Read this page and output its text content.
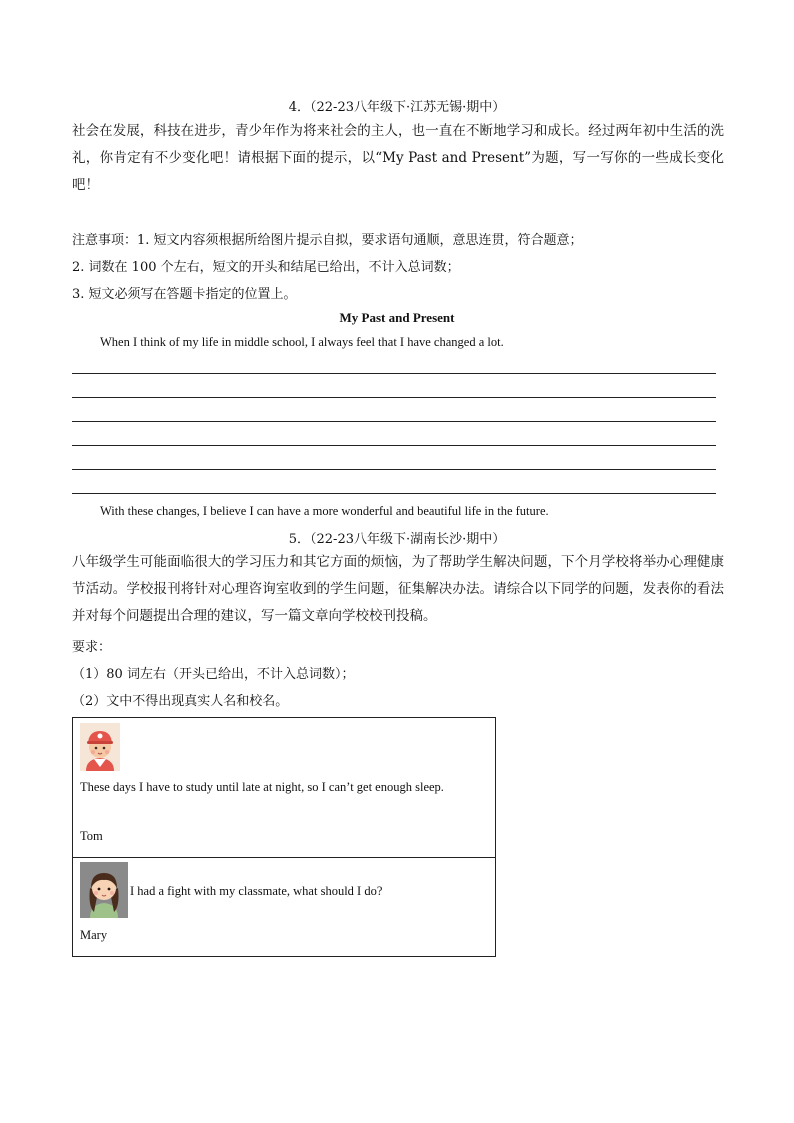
4．（22-23八年级下·江苏无锡·期中）
社会在发展，科技在进步，青少年作为将来社会的主人，也一直在不断地学习和成长。经过两年初中生活的洗礼，你肯定有不少变化吧！请根据下面的提示，以“My Past and Present”为题，写一写你的一些成长变化吧！
注意事项：1. 短文内容须根据所给图片提示自拟，要求语句通顺，意思连贯，符合题意；
2. 词数在 100 个左右，短文的开头和结尾已给出，不计入总词数；
3. 短文必须写在答题卡指定的位置上。
My Past and Present
When I think of my life in middle school, I always feel that I have changed a lot.
With these changes, I believe I can have a more wonderful and beautiful life in the future.
5．（22-23八年级下·湖南长沙·期中）
八年级学生可能面临很大的学习压力和其它方面的烦恼，为了帮助学生解决问题，下个月学校将举办心理健康节活动。学校报刊将针对心理咨询室收到的学生问题，征集解决办法。请综合以下同学的问题，发表你的看法并对每个问题提出合理的建议，写一篇文章向学校校刊投稿。
要求：
（1）80 词左右（开头已给出，不计入总词数）；
（2）文中不得出现真实人名和校名。
These days I have to study until late at night, so I can’t get enough sleep.
Tom
I had a fight with my classmate, what should I do?
Mary
